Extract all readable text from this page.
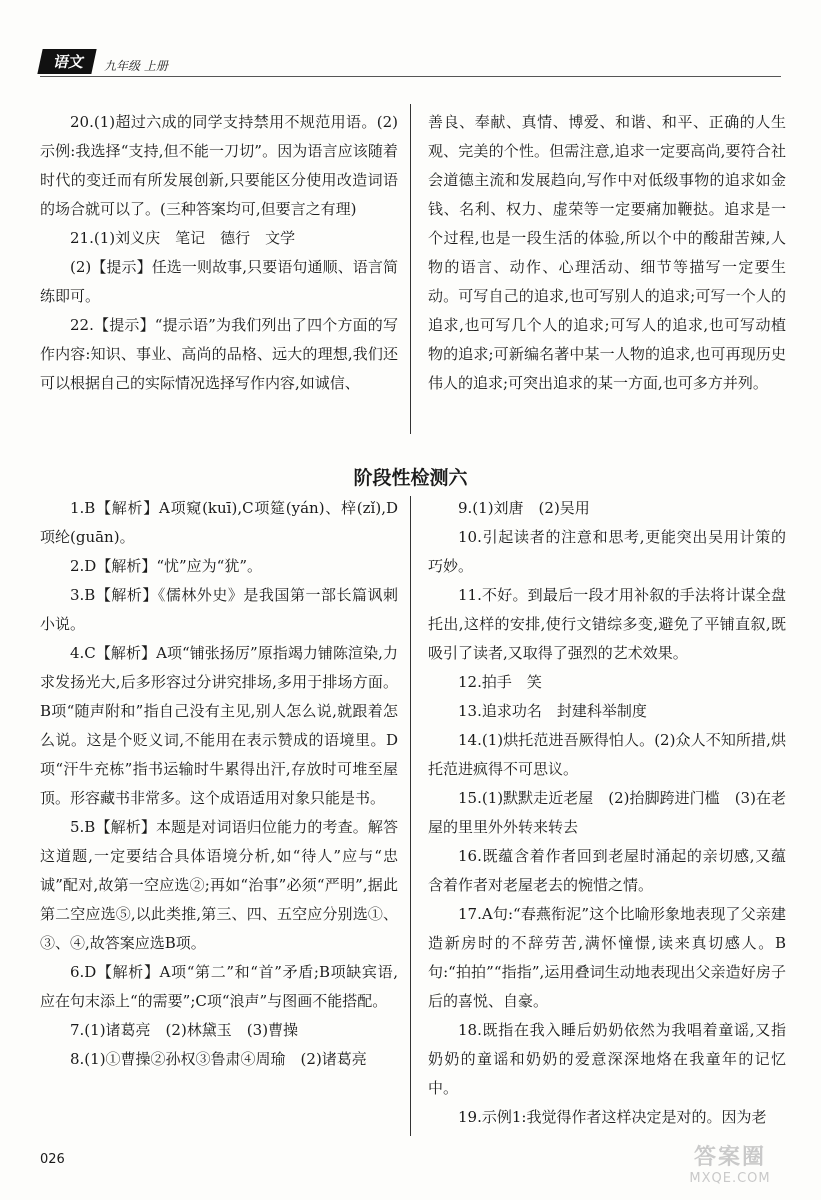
语文	九年级 上册

20.(1)超过六成的同学支持禁用不规范用语。(2)示例:我选择“支持,但不能一刀切”。因为语言应该随着时代的变迁而有所发展创新,只要能区分使用改造词语的场合就可以了。(三种答案均可,但要言之有理)

21.(1)刘义庆　笔记　德行　文学

(2)【提示】任选一则故事,只要语句通顺、语言简练即可。

22.【提示】“提示语”为我们列出了四个方面的写作内容:知识、事业、高尚的品格、远大的理想,我们还可以根据自己的实际情况选择写作内容,如诚信、

善良、奉献、真情、博爱、和谐、和平、正确的人生观、完美的个性。但需注意,追求一定要高尚,要符合社会道德主流和发展趋向,写作中对低级事物的追求如金钱、名利、权力、虚荣等一定要痛加鞭挞。追求是一个过程,也是一段生活的体验,所以个中的酸甜苦辣,人物的语言、动作、心理活动、细节等描写一定要生动。可写自己的追求,也可写别人的追求;可写一个人的追求,也可写几个人的追求;可写人的追求,也可写动植物的追求;可新编名著中某一人物的追求,也可再现历史伟人的追求;可突出追求的某一方面,也可多方并列。

阶段性检测六

1.B【解析】A项窥(kuī),C项筵(yán)、梓(zǐ),D项纶(guān)。

2.D【解析】“忧”应为“犹”。

3.B【解析】《儒林外史》是我国第一部长篇讽刺小说。

4.C【解析】A项“铺张扬厉”原指竭力铺陈渲染,力求发扬光大,后多形容过分讲究排场,多用于排场方面。B项“随声附和”指自己没有主见,别人怎么说,就跟着怎么说。这是个贬义词,不能用在表示赞成的语境里。D项“汗牛充栋”指书运输时牛累得出汗,存放时可堆至屋顶。形容藏书非常多。这个成语适用对象只能是书。

5.B【解析】本题是对词语归位能力的考查。解答这道题,一定要结合具体语境分析,如“待人”应与“忠诚”配对,故第一空应选②;再如“治事”必须“严明”,据此第二空应选⑤,以此类推,第三、四、五空应分别选①、③、④,故答案应选B项。

6.D【解析】A项“第二”和“首”矛盾;B项缺宾语,应在句末添上“的需要”;C项“浪声”与图画不能搭配。

7.(1)诸葛亮　(2)林黛玉　(3)曹操

8.(1)①曹操②孙权③鲁肃④周瑜　(2)诸葛亮

9.(1)刘唐　(2)吴用

10.引起读者的注意和思考,更能突出吴用计策的巧妙。

11.不好。到最后一段才用补叙的手法将计谋全盘托出,这样的安排,使行文错综多变,避免了平铺直叙,既吸引了读者,又取得了强烈的艺术效果。

12.拍手　笑

13.追求功名　封建科举制度

14.(1)烘托范进吾厥得怕人。(2)众人不知所措,烘托范进疯得不可思议。

15.(1)默默走近老屋　(2)抬脚跨进门槛　(3)在老屋的里里外外转来转去

16.既蕴含着作者回到老屋时涌起的亲切感,又蕴含着作者对老屋老去的惋惜之情。

17.A句:“春燕衔泥”这个比喻形象地表现了父亲建造新房时的不辞劳苦,满怀憧憬,读来真切感人。B句:“拍拍”“指指”,运用叠词生动地表现出父亲造好房子后的喜悦、自豪。

18.既指在我入睡后奶奶依然为我唱着童谣,又指奶奶的童谣和奶奶的爱意深深地烙在我童年的记忆中。

19.示例1:我觉得作者这样决定是对的。因为老

026	答案圈
MXQE.COM
